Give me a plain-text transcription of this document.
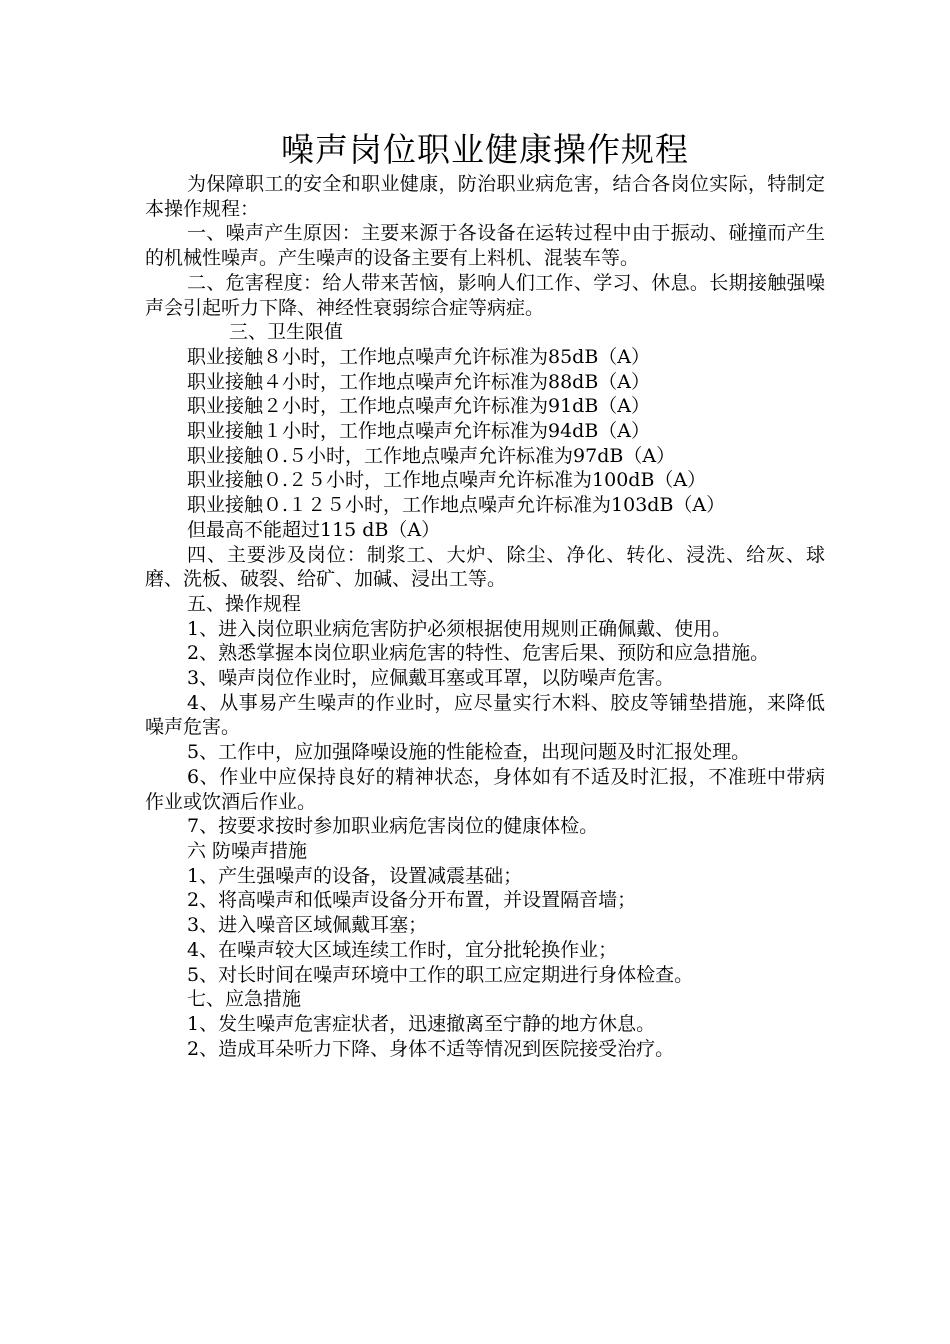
噪声岗位职业健康操作规程

为保障职工的安全和职业健康，防治职业病危害，结合各岗位实际，特制定本操作规程：

一、噪声产生原因：主要来源于各设备在运转过程中由于振动、碰撞而产生的机械性噪声。产生噪声的设备主要有上料机、混装车等。

二、危害程度：给人带来苦恼，影响人们工作、学习、休息。长期接触强噪声会引起听力下降、神经性衰弱综合症等病症。

三、卫生限值

职业接触８小时，工作地点噪声允许标准为85dB（A）

职业接触４小时，工作地点噪声允许标准为88dB（A）

职业接触２小时，工作地点噪声允许标准为91dB（A）

职业接触１小时，工作地点噪声允许标准为94dB（A）

职业接触０.５小时，工作地点噪声允许标准为97dB（A）

职业接触０.２５小时，工作地点噪声允许标准为100dB（A）

职业接触０.１２５小时，工作地点噪声允许标准为103dB（A）

但最高不能超过115 dB（A）

四、主要涉及岗位：制浆工、大炉、除尘、净化、转化、浸洗、给灰、球磨、洗板、破裂、给矿、加碱、浸出工等。

五、操作规程

1、进入岗位职业病危害防护必须根据使用规则正确佩戴、使用。

2、熟悉掌握本岗位职业病危害的特性、危害后果、预防和应急措施。

3、噪声岗位作业时，应佩戴耳塞或耳罩，以防噪声危害。

4、从事易产生噪声的作业时，应尽量实行木料、胶皮等铺垫措施，来降低噪声危害。

5、工作中，应加强降噪设施的性能检查，出现问题及时汇报处理。

6、作业中应保持良好的精神状态，身体如有不适及时汇报，不准班中带病作业或饮酒后作业。

7、按要求按时参加职业病危害岗位的健康体检。

六 防噪声措施

1、产生强噪声的设备，设置减震基础；

2、将高噪声和低噪声设备分开布置，并设置隔音墙；

3、进入噪音区域佩戴耳塞；

4、在噪声较大区域连续工作时，宜分批轮换作业；

5、对长时间在噪声环境中工作的职工应定期进行身体检查。

七、应急措施

1、发生噪声危害症状者，迅速撤离至宁静的地方休息。

2、造成耳朵听力下降、身体不适等情况到医院接受治疗。
